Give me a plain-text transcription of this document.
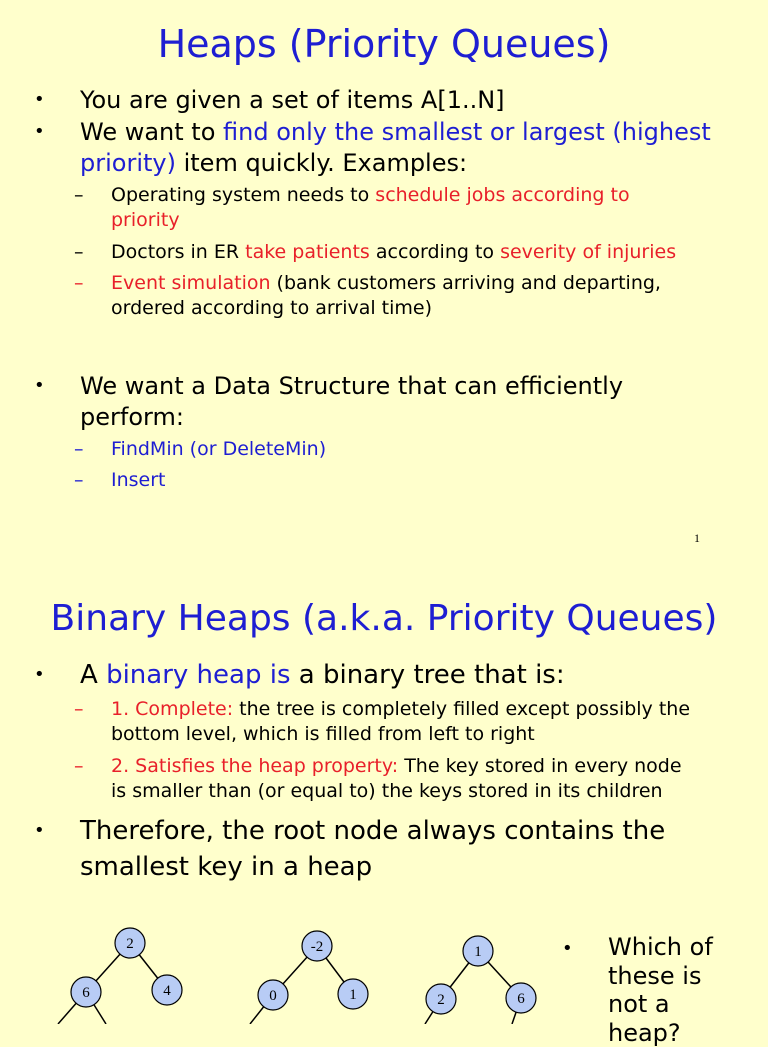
Heaps (Priority Queues)
• You are given a set of items A[1..N]
• We want to find only the smallest or largest (highest
priority) item quickly. Examples:
– Operating system needs to schedule jobs according to
priority
– Doctors in ER take patients according to severity of injuries
– Event simulation (bank customers arriving and departing,
ordered according to arrival time)
• We want a Data Structure that can efficiently
perform:
– FindMin (or DeleteMin)
– Insert
1
Binary Heaps (a.k.a. Priority Queues)
• A binary heap is a binary tree that is:
– 1. Complete: the tree is completely filled except possibly the
bottom level, which is filled from left to right
– 2. Satisfies the heap property: The key stored in every node
is smaller than (or equal to) the keys stored in its children
• Therefore, the root node always contains the
smallest key in a heap
2
6	4
-2
0	1
1
2	6
• Which of
these is
not a
heap?
